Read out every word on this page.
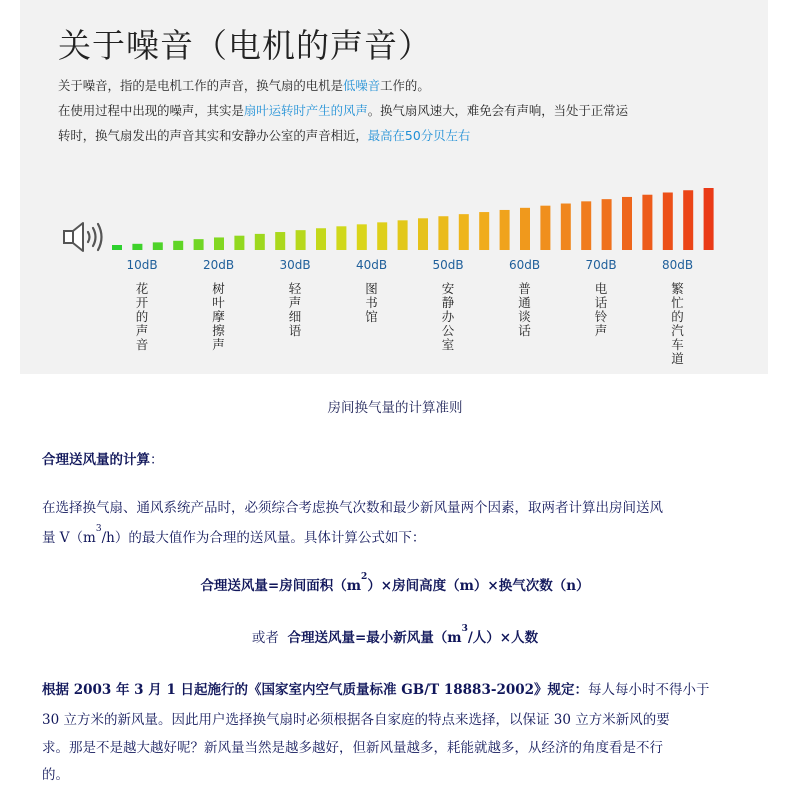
关于噪音（电机的声音）
关于噪音，指的是电机工作的声音，换气扇的电机是低噪音工作的。
在使用过程中出现的噪声，其实是扇叶运转时产生的风声。换气扇风速大，难免会有声响，当处于正常运
转时，换气扇发出的声音其实和安静办公室的声音相近，最高在50分贝左右
10dB	20dB	30dB	40dB	50dB	60dB	70dB	80dB
花开的声音
树叶摩擦声
轻声细语
图书馆
安静办公室
普通谈话
电话铃声
繁忙的汽车道
房间换气量的计算准则
合理送风量的计算：
在选择换气扇、通风系统产品时，必须综合考虑换气次数和最少新风量两个因素，取两者计算出房间送风
量 $V(m^3/h)$的最大值作为合理的送风量。具体计算公式如下：
合理送风量=房间面积$(m^2)\times$房间高度（m）×换气次数（n）
或者 合理送风量=最小新风量（$m^3/$人）×人数
根据 2003 年 3 月 1 日起施行的《国家室内空气质量标准 GB/T 18883-2002》规定：每人每小时不得小于
30 立方米的新风量。因此用户选择换气扇时必须根据各自家庭的特点来选择，以保证 30 立方米新风的要
求。那是不是越大越好呢？新风量当然是越多越好，但新风量越多，耗能就越多，从经济的角度看是不行
的。
